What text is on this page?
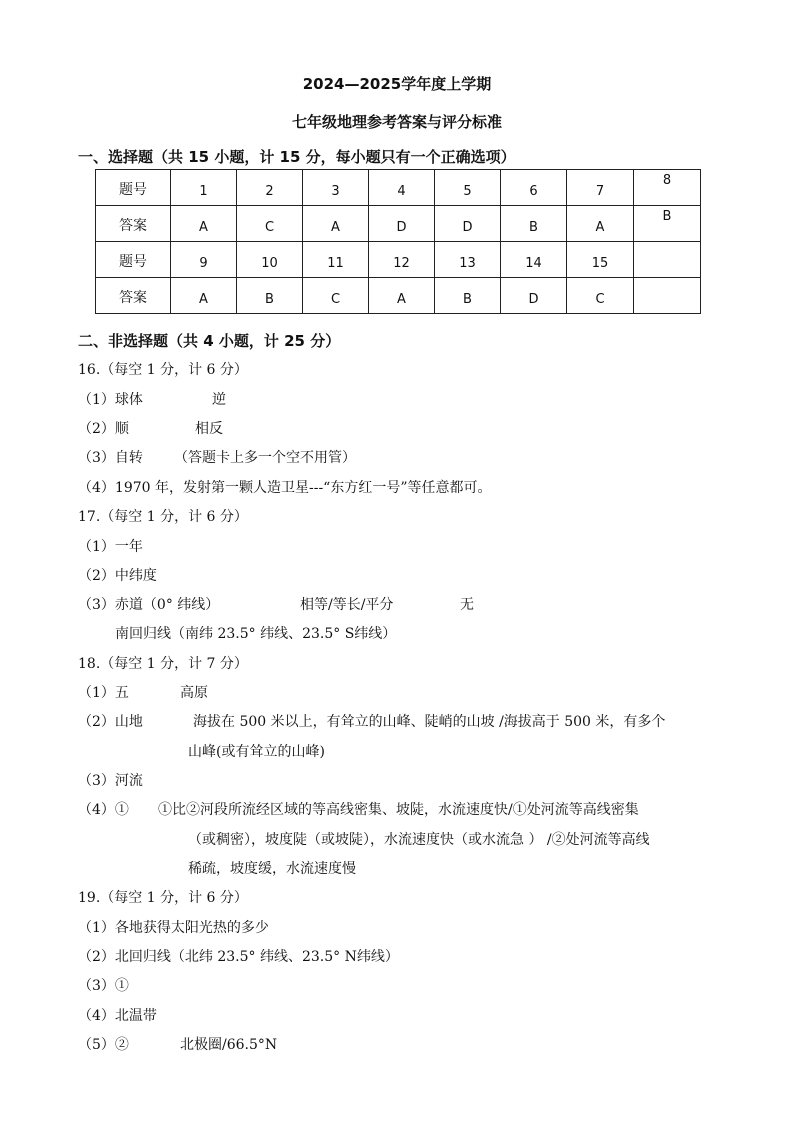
2024—2025学年度上学期
七年级地理参考答案与评分标准
一、选择题（共 15 小题，计 15 分，每小题只有一个正确选项）
题号	1	2	3	4	5	6	7	8
答案	A	C	A	D	D	B	A	B
题号	9	10	11	12	13	14	15	
答案	A	B	C	A	B	D	C	
二、非选择题（共 4 小题，计 25 分）
16.（每空 1 分，计 6 分）
（1）球体	逆
（2）顺	相反
（3）自转 （答题卡上多一个空不用管）
（4）1970 年，发射第一颗人造卫星---“东方红一号”等任意都可。
17.（每空 1 分，计 6 分）
（1）一年
（2）中纬度
（3）赤道（0° 纬线）	相等/等长/平分	无
南回归线（南纬 23.5° 纬线、23.5° S纬线）
18.（每空 1 分，计 7 分）
（1）五	高原
（2）山地	海拔在 500 米以上，有耸立的山峰、陡峭的山坡 /海拔高于 500 米，有多个
山峰(或有耸立的山峰)
（3）河流
（4）① ①比②河段所流经区域的等高线密集、坡陡，水流速度快/①处河流等高线密集
（或稠密），坡度陡（或坡陡），水流速度快（或水流急 ） /②处河流等高线
稀疏，坡度缓，水流速度慢
19.（每空 1 分，计 6 分）
（1）各地获得太阳光热的多少
（2）北回归线（北纬 23.5° 纬线、23.5° N纬线）
（3）①
（4）北温带
（5）②	北极圈/66.5°N
